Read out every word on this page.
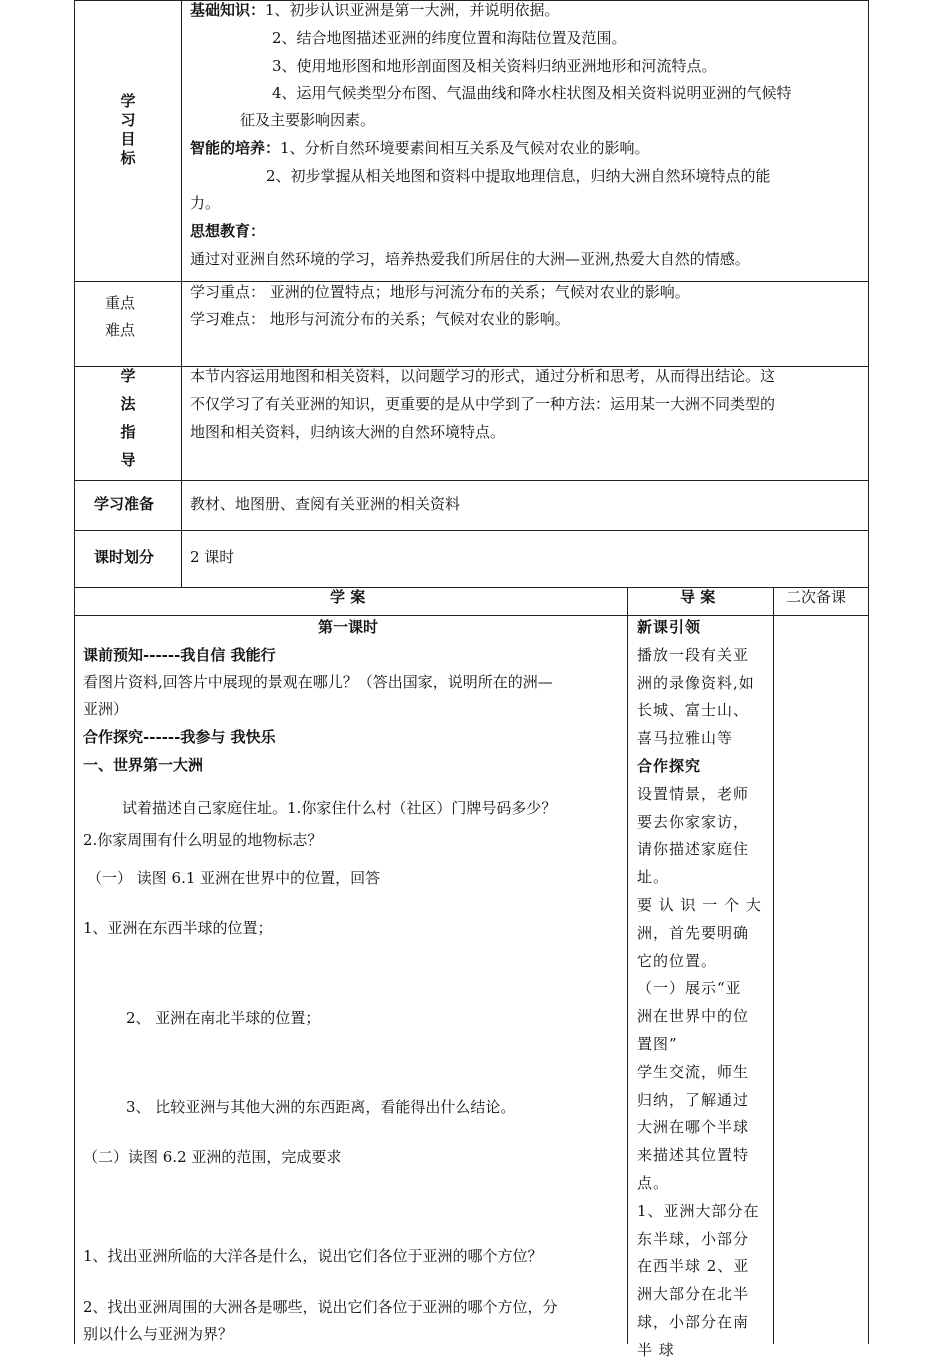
学
习
目
标
基础知识：1、初步认识亚洲是第一大洲，并说明依据。
2、结合地图描述亚洲的纬度位置和海陆位置及范围。
3、使用地形图和地形剖面图及相关资料归纳亚洲地形和河流特点。
4、运用气候类型分布图、气温曲线和降水柱状图及相关资料说明亚洲的气候特
征及主要影响因素。
智能的培养：1、分析自然环境要素间相互关系及气候对农业的影响。
2、初步掌握从相关地图和资料中提取地理信息，归纳大洲自然环境特点的能
力。
思想教育：
通过对亚洲自然环境的学习，培养热爱我们所居住的大洲—亚洲,热爱大自然的情感。
重点
难点
学习重点： 亚洲的位置特点；地形与河流分布的关系；气候对农业的影响。
学习难点： 地形与河流分布的关系；气候对农业的影响。
学
法
指
导
本节内容运用地图和相关资料，以问题学习的形式，通过分析和思考，从而得出结论。这
不仅学习了有关亚洲的知识，更重要的是从中学到了一种方法：运用某一大洲不同类型的
地图和相关资料，归纳该大洲的自然环境特点。
学习准备 教材、地图册、查阅有关亚洲的相关资料
课时划分 2 课时
学 案	导 案	二次备课
第一课时
课前预知------我自信 我能行
看图片资料,回答片中展现的景观在哪儿？（答出国家，说明所在的洲—
亚洲）
合作探究------我参与 我快乐
一、世界第一大洲
试着描述自己家庭住址。1.你家住什么村（社区）门牌号码多少？
2.你家周围有什么明显的地物标志？
（一） 读图 6.1 亚洲在世界中的位置，回答
1、亚洲在东西半球的位置；
2、 亚洲在南北半球的位置；
3、 比较亚洲与其他大洲的东西距离，看能得出什么结论。
（二）读图 6.2 亚洲的范围，完成要求
1、找出亚洲所临的大洋各是什么，说出它们各位于亚洲的哪个方位？
2、找出亚洲周围的大洲各是哪些，说出它们各位于亚洲的哪个方位，分
别以什么与亚洲为界？
新课引领
播放一段有关亚
洲的录像资料,如
长城、富士山、
喜马拉雅山等
合作探究
设置情景，老师
要去你家家访，
请你描述家庭住
址。
要 认 识 一 个 大
洲，首先要明确
它的位置。
（一）展示“亚
洲在世界中的位
置图”
学生交流，师生
归纳，了解通过
大洲在哪个半球
来描述其位置特
点。
1、亚洲大部分在
东半球，小部分
在西半球 2、亚
洲大部分在北半
球，小部分在南
半 球
